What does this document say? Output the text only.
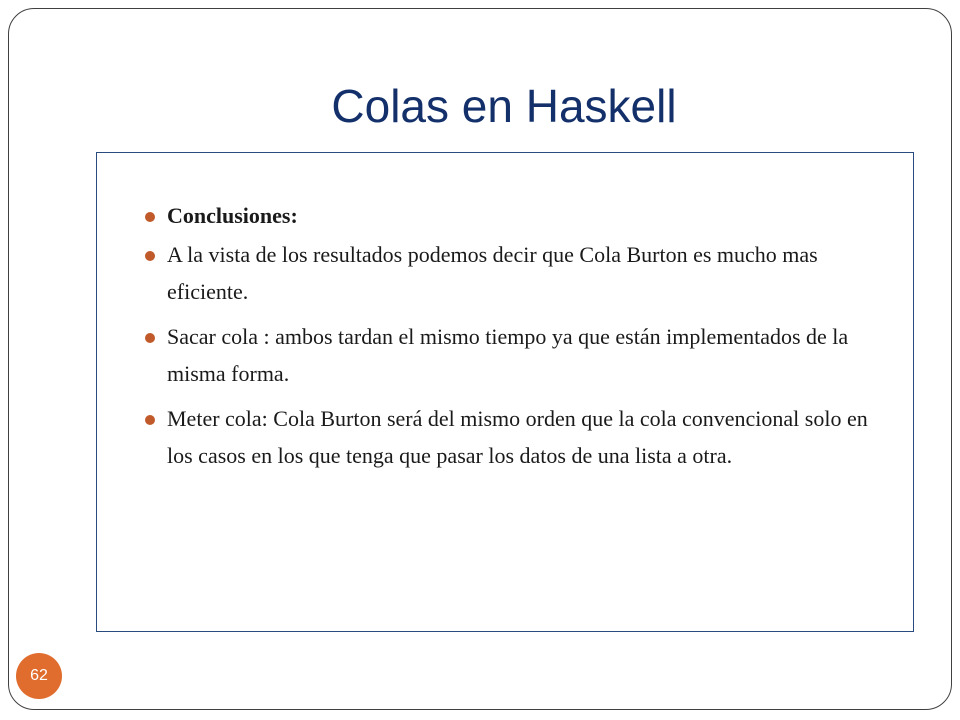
Colas en Haskell
Conclusiones:
A la vista de los resultados podemos decir que Cola Burton es mucho mas eficiente.
Sacar cola : ambos tardan el mismo tiempo ya que están implementados de la misma forma.
Meter cola: Cola Burton será del mismo orden que la cola convencional solo en los casos en los que tenga que pasar los datos de una lista a otra.
62
